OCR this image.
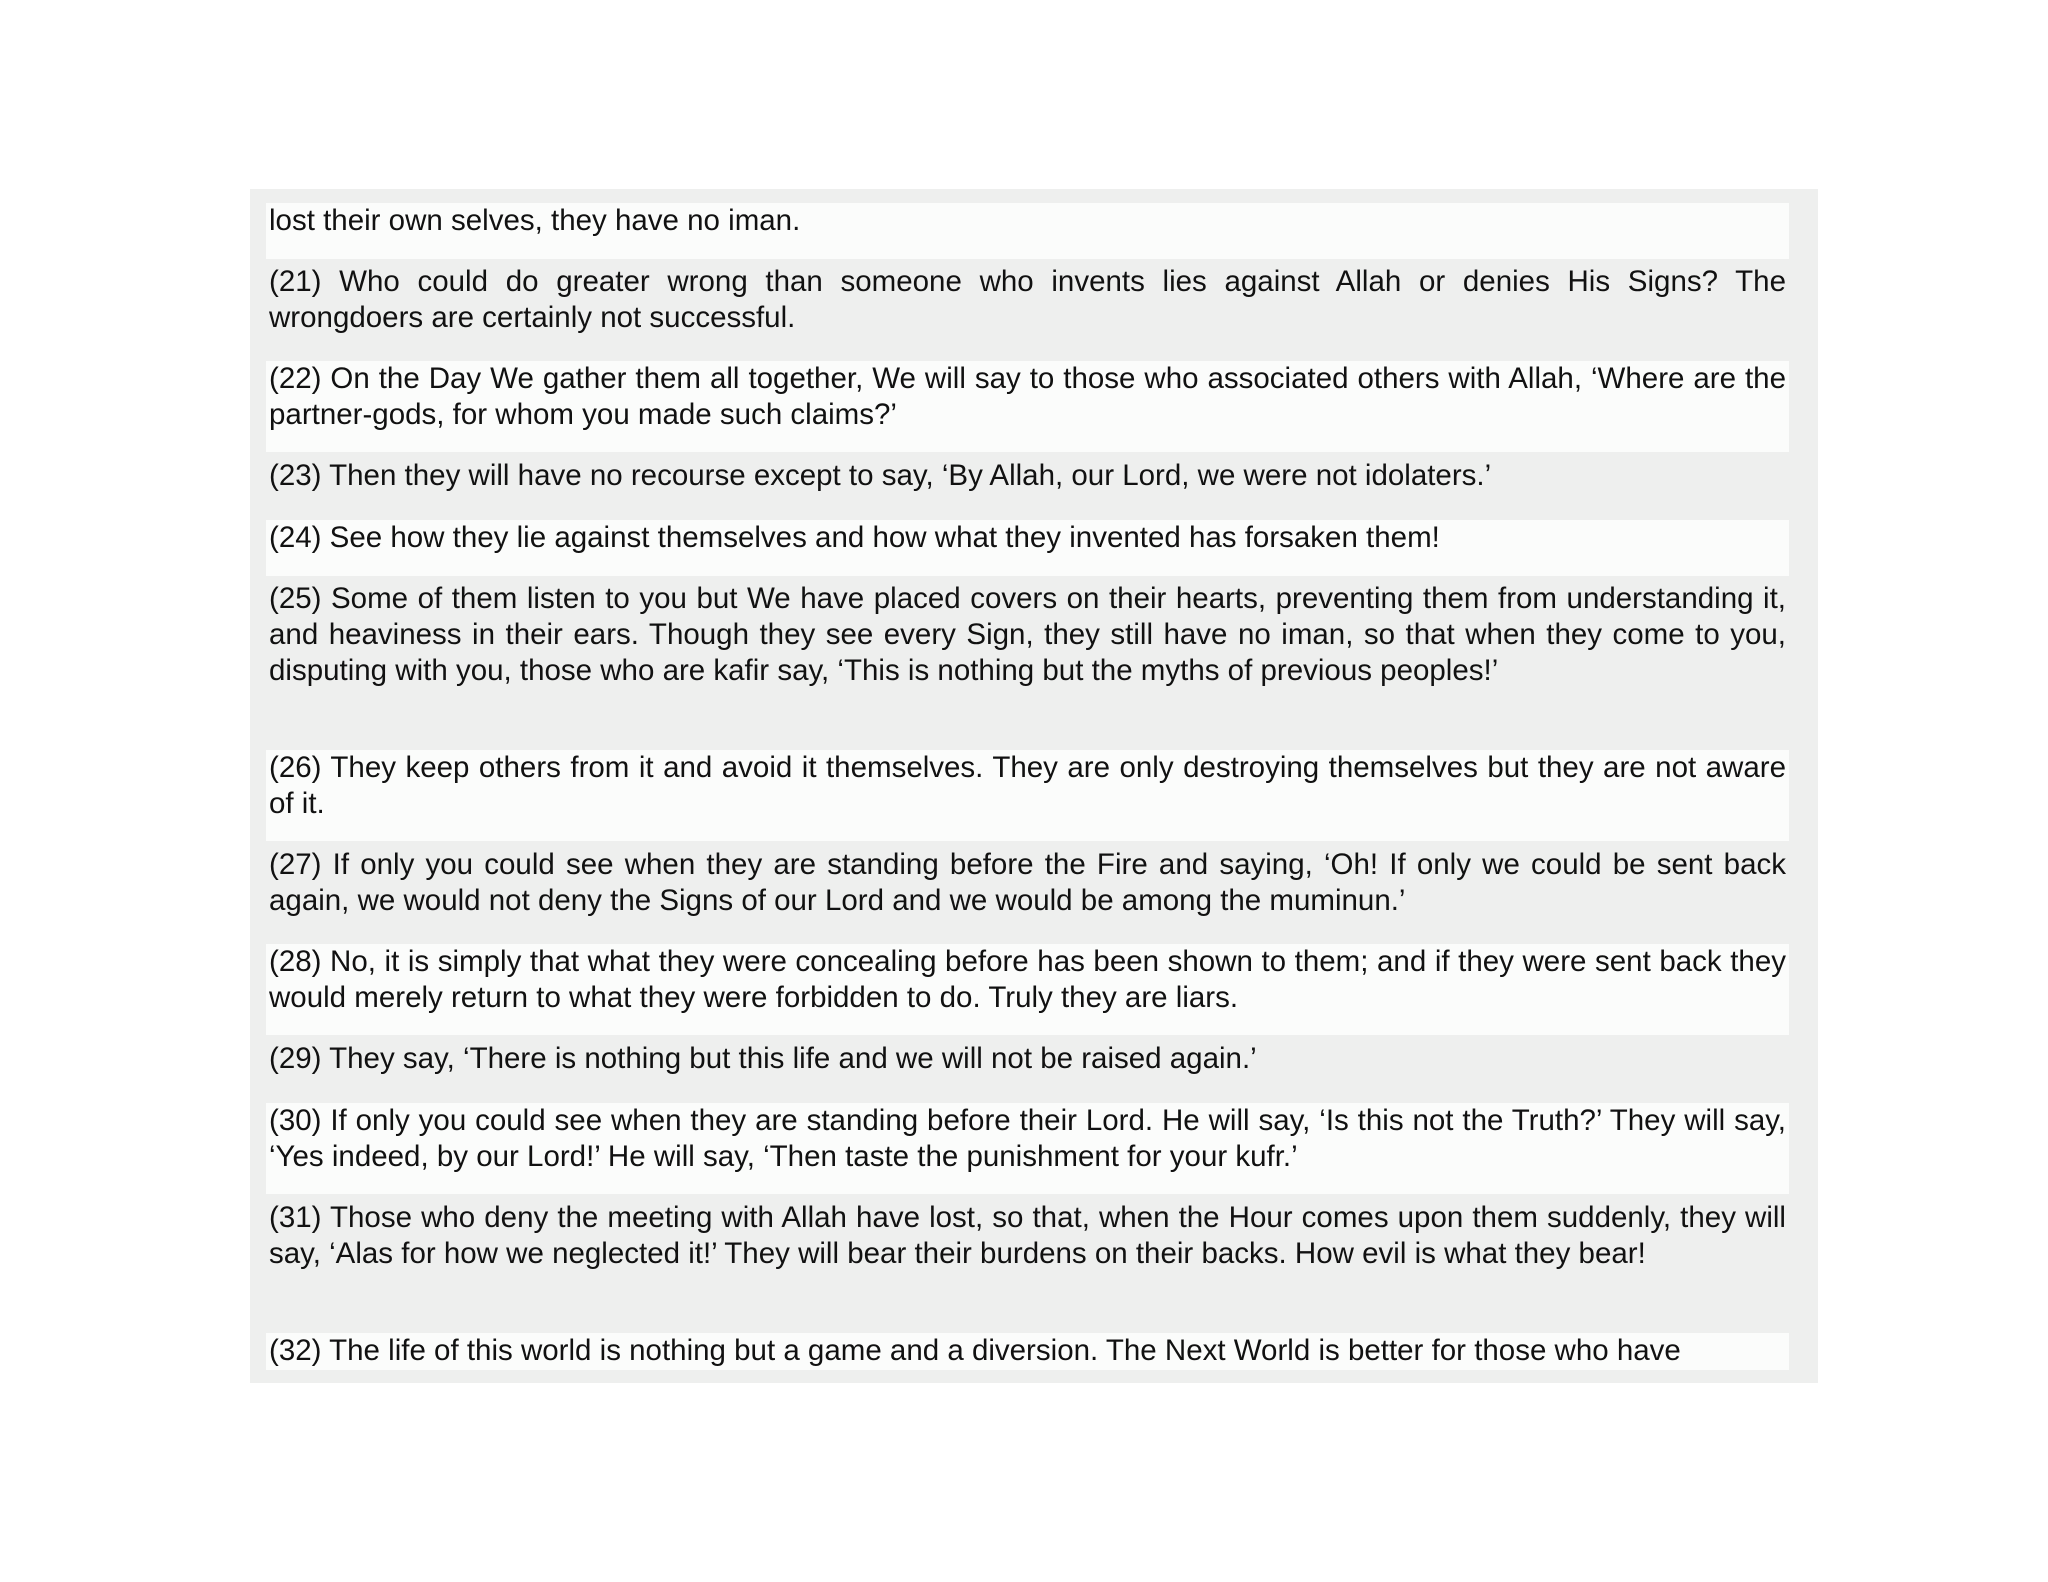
lost their own selves, they have no iman.
(21) Who could do greater wrong than someone who invents lies against Allah or denies His Signs? The wrongdoers are certainly not successful.
(22) On the Day We gather them all together, We will say to those who associated others with Allah, ‘Where are the partner-gods, for whom you made such claims?’
(23) Then they will have no recourse except to say, ‘By Allah, our Lord, we were not idolaters.’
(24) See how they lie against themselves and how what they invented has forsaken them!
(25) Some of them listen to you but We have placed covers on their hearts, preventing them from understanding it, and heaviness in their ears. Though they see every Sign, they still have no iman, so that when they come to you, disputing with you, those who are kafir say, ‘This is nothing but the myths of previous peoples!’
(26) They keep others from it and avoid it themselves. They are only destroying themselves but they are not aware of it.
(27) If only you could see when they are standing before the Fire and saying, ‘Oh! If only we could be sent back again, we would not deny the Signs of our Lord and we would be among the muminun.’
(28) No, it is simply that what they were concealing before has been shown to them; and if they were sent back they would merely return to what they were forbidden to do. Truly they are liars.
(29) They say, ‘There is nothing but this life and we will not be raised again.’
(30) If only you could see when they are standing before their Lord. He will say, ‘Is this not the Truth?’ They will say, ‘Yes indeed, by our Lord!’ He will say, ‘Then taste the punishment for your kufr.’
(31) Those who deny the meeting with Allah have lost, so that, when the Hour comes upon them suddenly, they will say, ‘Alas for how we neglected it!’ They will bear their burdens on their backs. How evil is what they bear!
(32) The life of this world is nothing but a game and a diversion. The Next World is better for those who have
